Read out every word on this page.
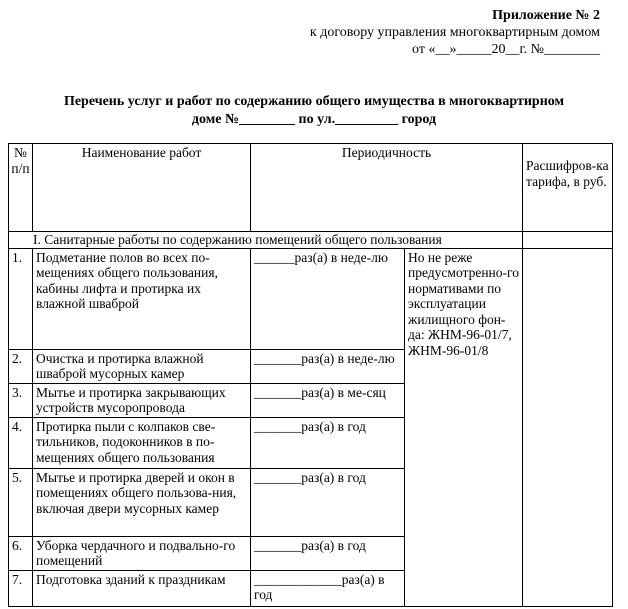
Приложение № 2
к договору управления многоквартирным домом
от «__»_____20__г. №________
Перечень услуг и работ по содержанию общего имущества в многоквартирном
доме №________ по ул._________ город
№ п/п	Наименование работ	Периодичность		Расшифров-ка тарифа, в руб.
I. Санитарные работы по содержанию помещений общего пользования				
1.	Подметание полов во всех по-мещениях общего пользования, кабины лифта и протирка их влажной шваброй	______раз(а) в неде-лю	Но не реже предусмотренно-го нормативами по эксплуатации жилищного фон-да: ЖНМ-96-01/7, ЖНМ-96-01/8	
2.	Очистка и протирка влажной шваброй мусорных камер	_______раз(а) в неде-лю		
3.	Мытье и протирка закрывающих устройств мусоропровода	_______раз(а) в ме-сяц		
4.	Протирка пыли с колпаков све-тильников, подоконников в по-мещениях общего пользования	_______раз(а) в год		
5.	Мытье и протирка дверей и окон в помещениях общего пользова-ния, включая двери мусорных камер	_______раз(а) в год		
6.	Уборка чердачного и подвально-го помещений	_______раз(а) в год		
7.	Подготовка зданий к праздникам	_____________раз(а) в год		
